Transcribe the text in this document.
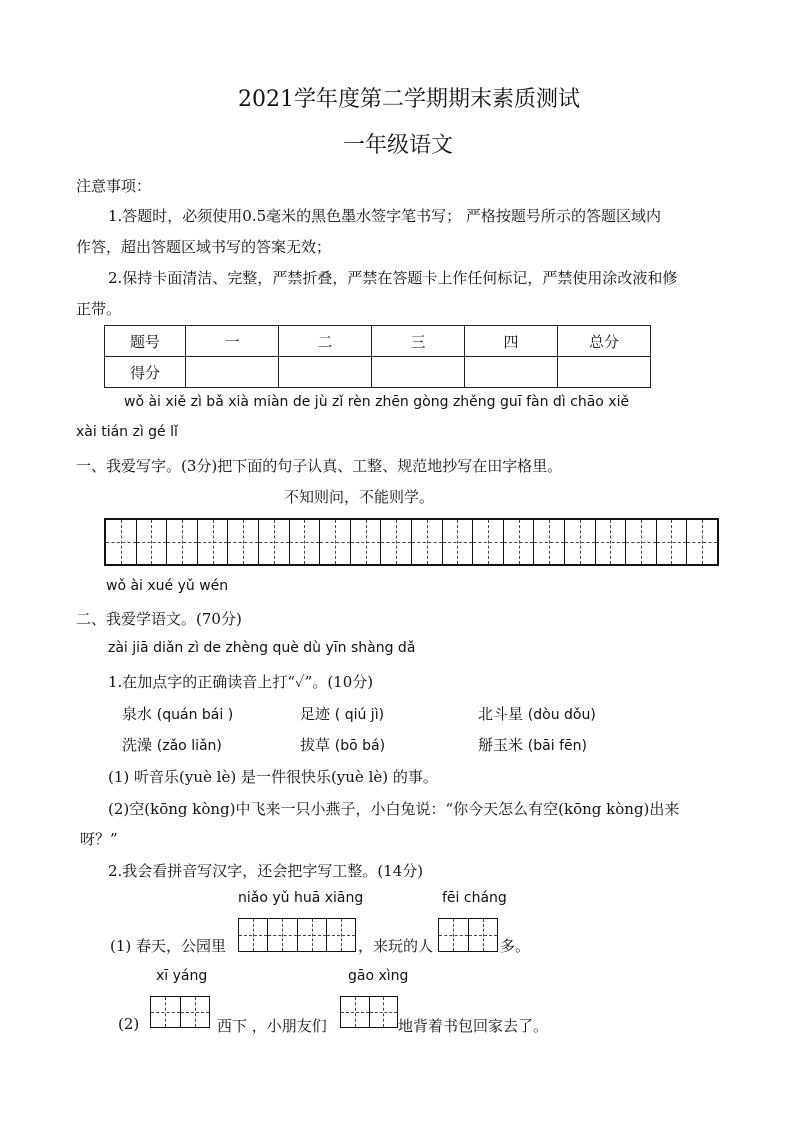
2021学年度第二学期期末素质测试
一年级语文
注意事项：
1.答题时，必须使用0.5毫米的黑色墨水签字笔书写； 严格按题号所示的答题区域内
作答，超出答题区域书写的答案无效；
2.保持卡面清洁、完整，严禁折叠，严禁在答题卡上作任何标记，严禁使用涂改液和修
正带。
题号	一	二	三	四	总分
得分					
wǒ ài xiě zì bǎ xià miàn de jù zǐ rèn zhēn gòng zhěng guī fàn dì chāo xiě
xài tián zì gé lǐ
一、我爱写字。(3分)把下面的句子认真、工整、规范地抄写在田字格里。
不知则问，不能则学。
wǒ ài xué yǔ wén
二、我爱学语文。(70分)
zài jiā diǎn zì de zhèng què dù yīn shàng dǎ
1.在加点字的正确读音上打“✓”。(10分)
泉水 (quán bái )	足迹 ( qiú jì)	北斗星 (dòu dǒu)
洗澡 (zǎo liǎn)	拔草 (bō bá)	掰玉米 (bāi fēn)
(1) 听音乐(yuè lè) 是一件很快乐(yuè lè) 的事。
(2)空(kōng kòng)中飞来一只小燕子，小白兔说：“你今天怎么有空(kōng kòng)出来
呀？”
2.我会看拼音写汉字，还会把字写工整。(14分)
niǎo yǔ huā xiāng	fēi cháng
(1) 春天，公园里	，来玩的人	多。
xī yáng	gāo xìng
(2)	西下 ，小朋友们	地背着书包回家去了。
